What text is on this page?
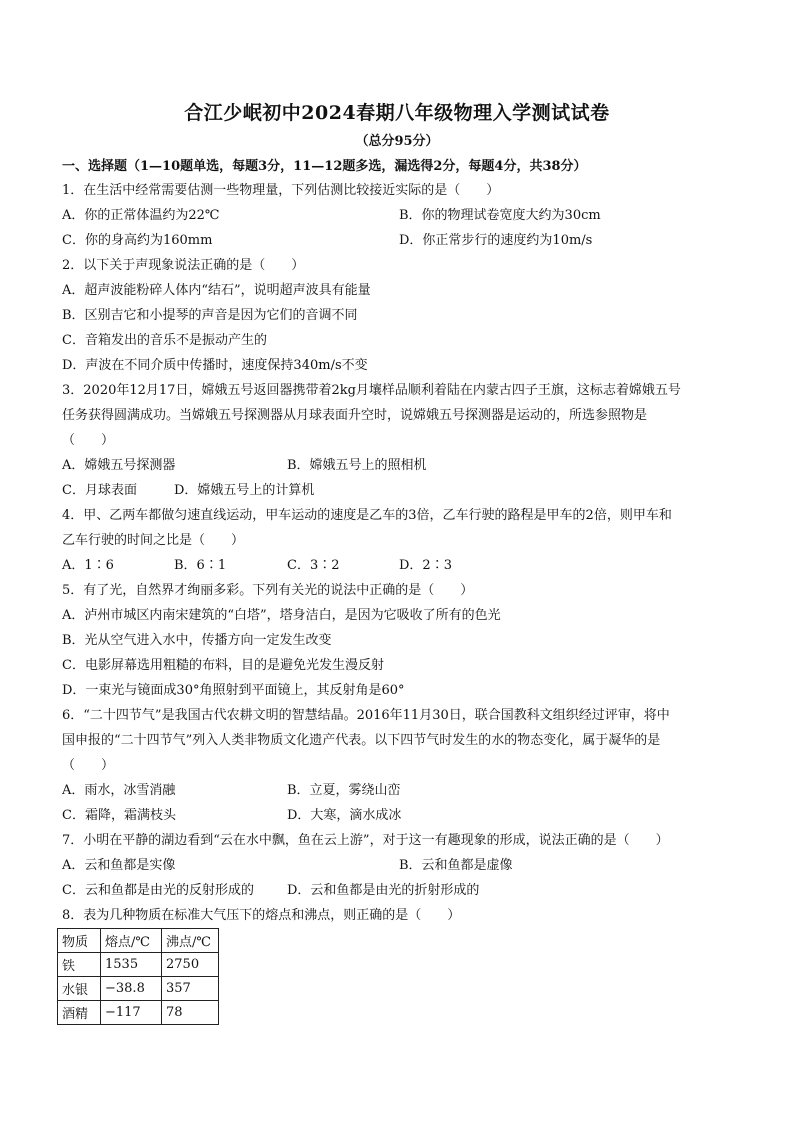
合江少岷初中2024春期八年级物理入学测试试卷
（总分95分）
一、选择题（1—10题单选，每题3分，11—12题多选，漏选得2分，每题4分，共38分）
1．在生活中经常需要估测一些物理量，下列估测比较接近实际的是（　　）
A．你的正常体温约为22℃	B．你的物理试卷宽度大约为30cm
C．你的身高约为160mm	D．你正常步行的速度约为10m/s
2．以下关于声现象说法正确的是（　　）
A．超声波能粉碎人体内“结石”，说明超声波具有能量
B．区别吉它和小提琴的声音是因为它们的音调不同
C．音箱发出的音乐不是振动产生的
D．声波在不同介质中传播时，速度保持340m/s不变
3．2020年12月17日，嫦娥五号返回器携带着2kg月壤样品顺利着陆在内蒙古四子王旗，这标志着嫦娥五号
任务获得圆满成功。当嫦娥五号探测器从月球表面升空时，说嫦娥五号探测器是运动的，所选参照物是
（　　）
A．嫦娥五号探测器	B．嫦娥五号上的照相机
C．月球表面	D．嫦娥五号上的计算机
4．甲、乙两车都做匀速直线运动，甲车运动的速度是乙车的3倍，乙车行驶的路程是甲车的2倍，则甲车和
乙车行驶的时间之比是（　　）
A．1∶6	B．6∶1	C．3∶2	D．2∶3
5．有了光，自然界才绚丽多彩。下列有关光的说法中正确的是（　　）
A．泸州市城区内南宋建筑的“白塔”，塔身洁白，是因为它吸收了所有的色光
B．光从空气进入水中，传播方向一定发生改变
C．电影屏幕选用粗糙的布料，目的是避免光发生漫反射
D．一束光与镜面成30°角照射到平面镜上，其反射角是60°
6．“二十四节气”是我国古代农耕文明的智慧结晶。2016年11月30日，联合国教科文组织经过评审，将中
国申报的“二十四节气”列入人类非物质文化遗产代表。以下四节气时发生的水的物态变化，属于凝华的是
（　　）
A．雨水，冰雪消融	B．立夏，雾绕山峦
C．霜降，霜满枝头	D．大寒，滴水成冰
7．小明在平静的湖边看到“云在水中飘，鱼在云上游”，对于这一有趣现象的形成，说法正确的是（　　）
A．云和鱼都是实像	B．云和鱼都是虚像
C．云和鱼都是由光的反射形成的	D．云和鱼都是由光的折射形成的
8．表为几种物质在标准大气压下的熔点和沸点，则正确的是（　　）
物质	熔点/℃	沸点/℃
铁	1535	2750
水银	−38.8	357
酒精	−117	78
